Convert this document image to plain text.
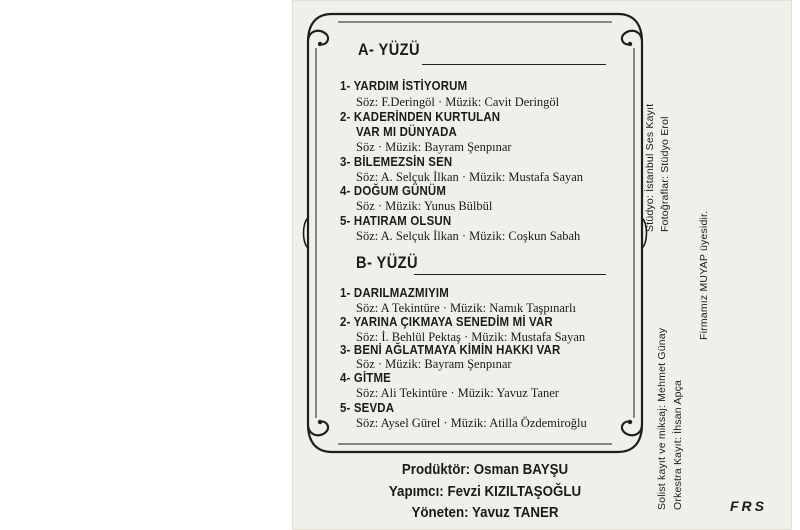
A- YÜZÜ
1- YARDIM İSTİYORUM
Söz: F.Deringöl · Müzik: Cavit Deringöl
2- KADERİNDEN KURTULAN
VAR MI DÜNYADA
Söz · Müzik: Bayram Şenpınar
3- BİLEMEZSİN SEN
Söz: A. Selçuk İlkan · Müzik: Mustafa Sayan
4- DOĞUM GÜNÜM
Söz · Müzik: Yunus Bülbül
5- HATIRAM OLSUN
Söz: A. Selçuk İlkan · Müzik: Coşkun Sabah
B- YÜZÜ
1- DARILMAZMIYIM
Söz: A Tekintüre · Müzik: Namık Taşpınarlı
2- YARINA ÇIKMAYA SENEDİM Mİ VAR
Söz: İ. Behlül Pektaş · Müzik: Mustafa Sayan
3- BENİ AĞLATMAYA KİMİN HAKKI VAR
Söz · Müzik: Bayram Şenpınar
4- GİTME
Söz: Ali Tekintüre · Müzik: Yavuz Taner
5- SEVDA
Söz: Aysel Gürel · Müzik: Atilla Özdemiroğlu
Prodüktör: Osman BAYŞU
Yapımcı: Fevzi KIZILTAŞOĞLU
Yöneten: Yavuz TANER
Stüdyo: İstanbul Ses Kayıt Fotoğraflar: Stüdyo Erol
Solist kayıt ve miksaj: Mehmet Günay Orkestra Kayıt: İhsan Apça
Firmamız MUYAP üyesidir.
FRS
